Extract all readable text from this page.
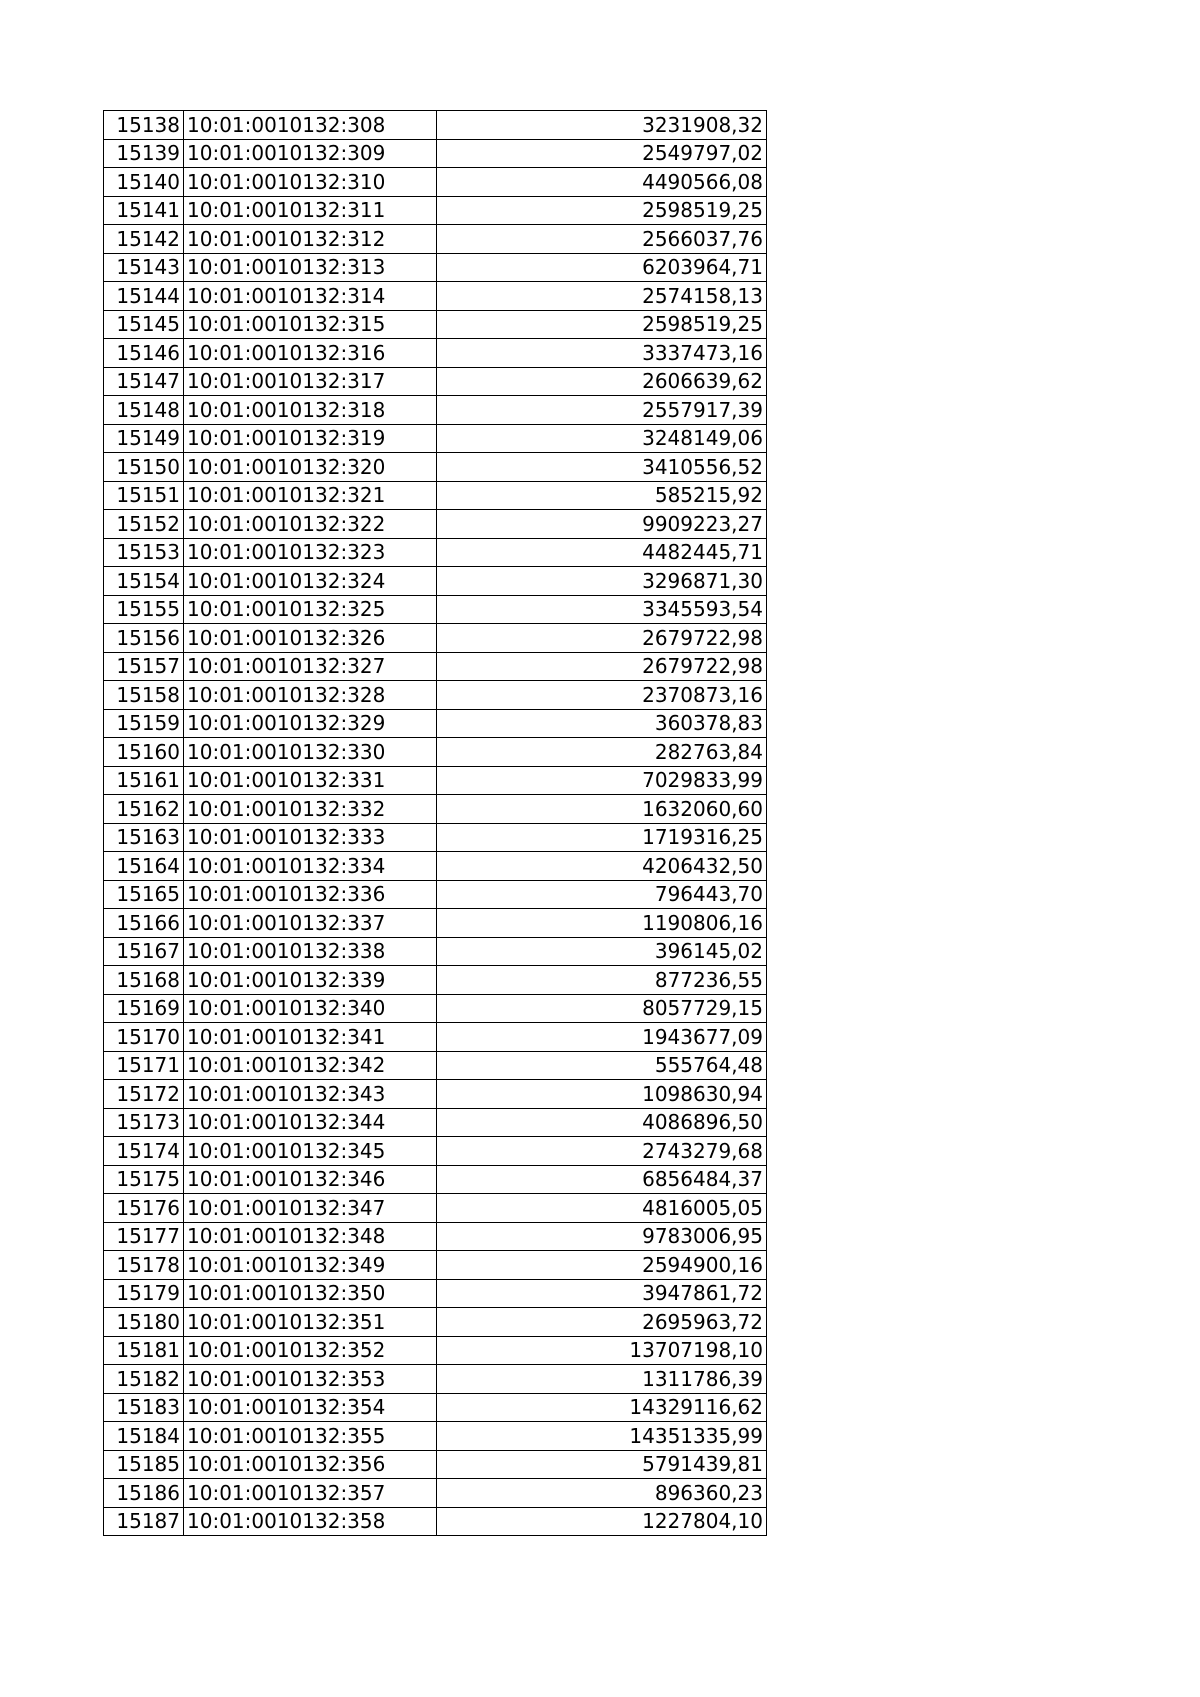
15138	10:01:0010132:308	3231908,32
15139	10:01:0010132:309	2549797,02
15140	10:01:0010132:310	4490566,08
15141	10:01:0010132:311	2598519,25
15142	10:01:0010132:312	2566037,76
15143	10:01:0010132:313	6203964,71
15144	10:01:0010132:314	2574158,13
15145	10:01:0010132:315	2598519,25
15146	10:01:0010132:316	3337473,16
15147	10:01:0010132:317	2606639,62
15148	10:01:0010132:318	2557917,39
15149	10:01:0010132:319	3248149,06
15150	10:01:0010132:320	3410556,52
15151	10:01:0010132:321	585215,92
15152	10:01:0010132:322	9909223,27
15153	10:01:0010132:323	4482445,71
15154	10:01:0010132:324	3296871,30
15155	10:01:0010132:325	3345593,54
15156	10:01:0010132:326	2679722,98
15157	10:01:0010132:327	2679722,98
15158	10:01:0010132:328	2370873,16
15159	10:01:0010132:329	360378,83
15160	10:01:0010132:330	282763,84
15161	10:01:0010132:331	7029833,99
15162	10:01:0010132:332	1632060,60
15163	10:01:0010132:333	1719316,25
15164	10:01:0010132:334	4206432,50
15165	10:01:0010132:336	796443,70
15166	10:01:0010132:337	1190806,16
15167	10:01:0010132:338	396145,02
15168	10:01:0010132:339	877236,55
15169	10:01:0010132:340	8057729,15
15170	10:01:0010132:341	1943677,09
15171	10:01:0010132:342	555764,48
15172	10:01:0010132:343	1098630,94
15173	10:01:0010132:344	4086896,50
15174	10:01:0010132:345	2743279,68
15175	10:01:0010132:346	6856484,37
15176	10:01:0010132:347	4816005,05
15177	10:01:0010132:348	9783006,95
15178	10:01:0010132:349	2594900,16
15179	10:01:0010132:350	3947861,72
15180	10:01:0010132:351	2695963,72
15181	10:01:0010132:352	13707198,10
15182	10:01:0010132:353	1311786,39
15183	10:01:0010132:354	14329116,62
15184	10:01:0010132:355	14351335,99
15185	10:01:0010132:356	5791439,81
15186	10:01:0010132:357	896360,23
15187	10:01:0010132:358	1227804,10
